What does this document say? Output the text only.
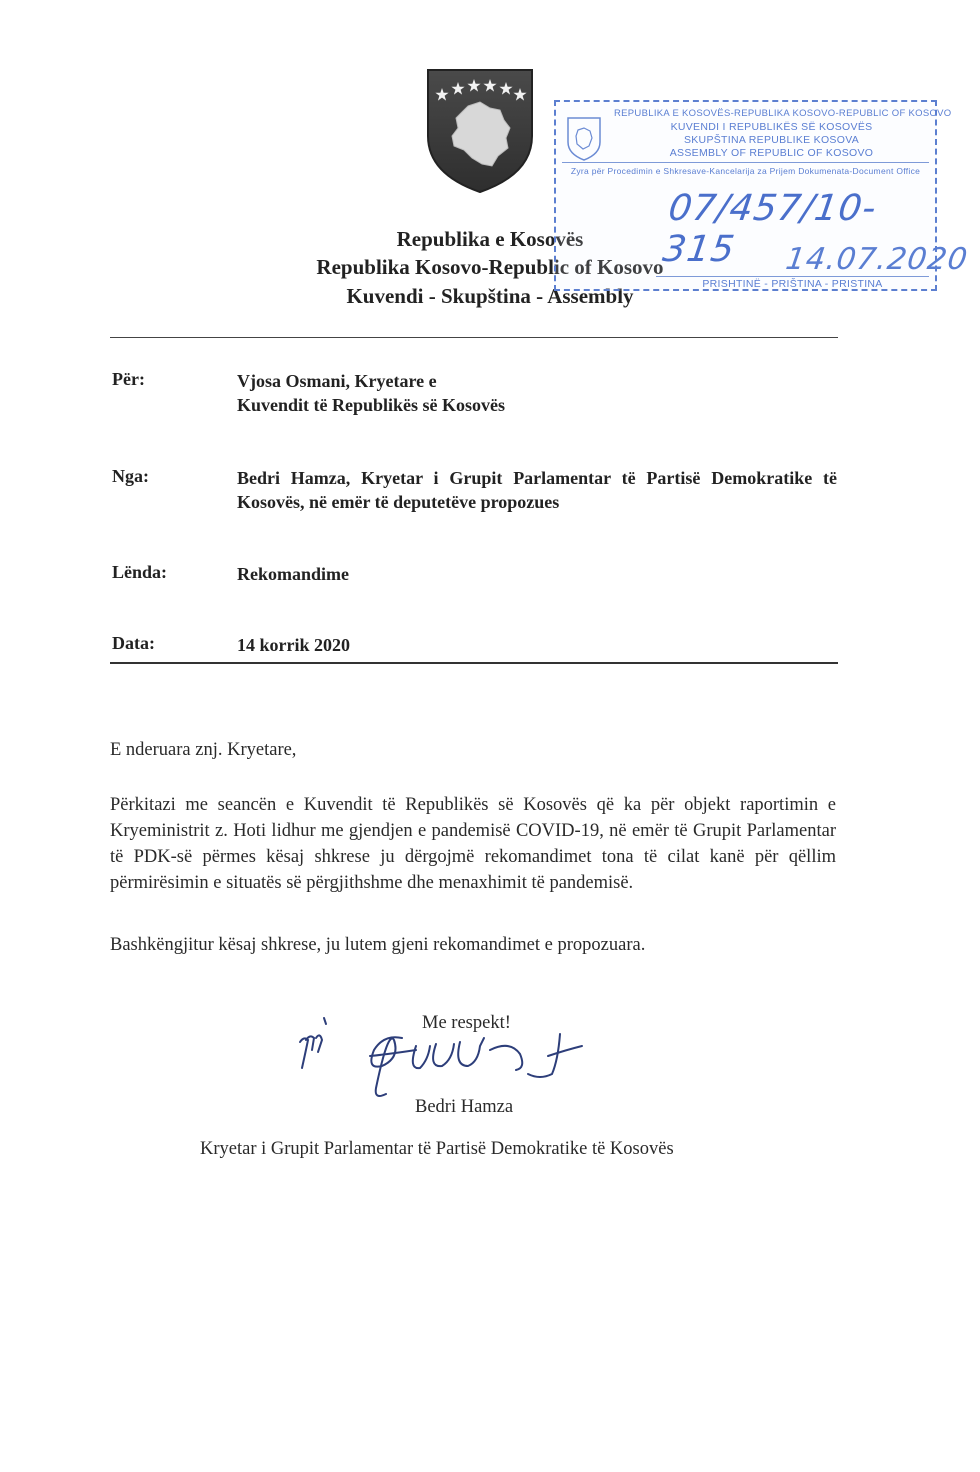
Republika e Kosovës
Republika Kosovo-Republic of Kosovo
Kuvendi - Skupština - Assembly
REPUBLIKA E KOSOVËS-REPUBLIKA KOSOVO-REPUBLIC OF KOSOVO
KUVENDI I REPUBLIKËS SË KOSOVËS
SKUPŠTINA REPUBLIKE KOSOVA
ASSEMBLY OF REPUBLIC OF KOSOVO
Zyra për Procedimin e Shkresave-Kancelarija za Prijem Dokumenata-Document Office
07/457/10-315	14.07.2020
PRISHTINË - PRIŠTINA - PRISTINA
Për:	Vjosa Osmani, Kryetare e
Kuvendit të Republikës së Kosovës
Nga:	Bedri Hamza, Kryetar i Grupit Parlamentar të Partisë Demokratike të Kosovës, në emër të deputetëve propozues
Lënda:	Rekomandime
Data:	14 korrik 2020
E nderuara znj. Kryetare,
Përkitazi me seancën e Kuvendit të Republikës së Kosovës që ka për objekt raportimin e Kryeministrit z. Hoti lidhur me gjendjen e pandemisë COVID-19, në emër të Grupit Parlamentar të PDK-së përmes kësaj shkrese ju dërgojmë rekomandimet tona të cilat kanë për qëllim përmirësimin e situatës së përgjithshme dhe menaxhimit të pandemisë.
Bashkëngjitur kësaj shkrese, ju lutem gjeni rekomandimet e propozuara.
Me respekt!
Bedri Hamza
Kryetar i Grupit Parlamentar të Partisë Demokratike të Kosovës
